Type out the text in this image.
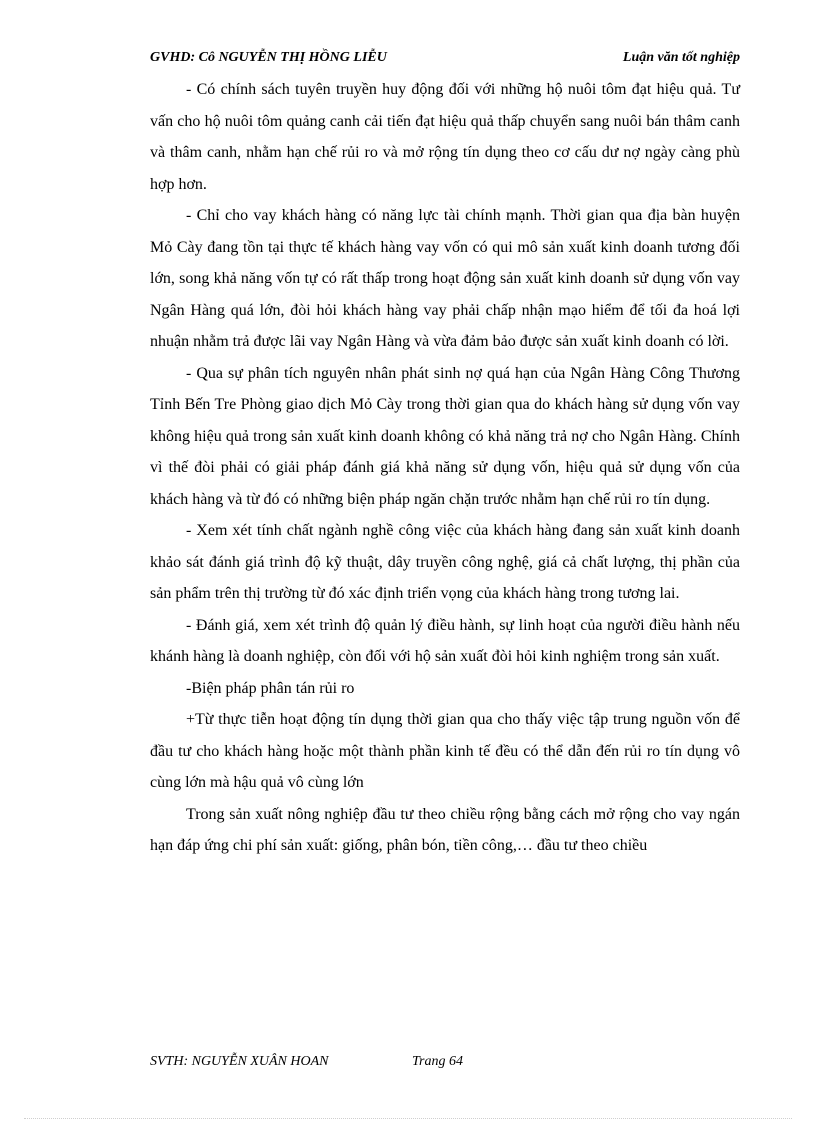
GVHD: Cô NGUYỄN THỊ HỒNG LIỄU	Luận văn tốt nghiệp

- Có chính sách tuyên truyền huy động đối với những hộ nuôi tôm đạt hiệu quả. Tư vấn cho hộ nuôi tôm quảng canh cải tiến đạt hiệu quả thấp chuyển sang nuôi bán thâm canh và thâm canh, nhằm hạn chế rủi ro và mở rộng tín dụng theo cơ cấu dư nợ ngày càng phù hợp hơn.

- Chỉ cho vay khách hàng có năng lực tài chính mạnh. Thời gian qua địa bàn huyện Mỏ Cày đang tồn tại thực tế khách hàng vay vốn có qui mô sản xuất kinh doanh tương đối lớn, song khả năng vốn tự có rất thấp trong hoạt động sản xuất kinh doanh sử dụng vốn vay Ngân Hàng quá lớn, đòi hỏi khách hàng vay phải chấp nhận mạo hiểm để tối đa hoá lợi nhuận nhằm trả được lãi vay Ngân Hàng và vừa đảm bảo được sản xuất kinh doanh có lời.

- Qua sự phân tích nguyên nhân phát sinh nợ quá hạn của Ngân Hàng Công Thương Tỉnh Bến Tre Phòng giao dịch Mỏ Cày trong thời gian qua do khách hàng sử dụng vốn vay không hiệu quả trong sản xuất kinh doanh không có khả năng trả nợ cho Ngân Hàng. Chính vì thế đòi phải có giải pháp đánh giá khả năng sử dụng vốn, hiệu quả sử dụng vốn của khách hàng và từ đó có những biện pháp ngăn chặn trước nhằm hạn chế rủi ro tín dụng.

- Xem xét tính chất ngành nghề công việc của khách hàng đang sản xuất kinh doanh khảo sát đánh giá trình độ kỹ thuật, dây truyền công nghệ, giá cả chất lượng, thị phần của sản phẩm trên thị trường từ đó xác định triển vọng của khách hàng trong tương lai.

- Đánh giá, xem xét trình độ quản lý điều hành, sự linh hoạt của người điều hành nếu khánh hàng là doanh nghiệp, còn đối với hộ sản xuất đòi hỏi kinh nghiệm trong sản xuất.

-Biện pháp phân tán rủi ro

+Từ thực tiễn hoạt động tín dụng thời gian qua cho thấy việc tập trung nguồn vốn để đầu tư cho khách hàng hoặc một thành phần kinh tế đều có thể dẫn đến rủi ro tín dụng vô cùng lớn mà hậu quả vô cùng lớn

Trong sản xuất nông nghiệp đầu tư theo chiều rộng bằng cách mở rộng cho vay ngán hạn đáp ứng chi phí sản xuất: giống, phân bón, tiền công,… đầu tư theo chiều

SVTH: NGUYỄN XUÂN HOAN	Trang 64
